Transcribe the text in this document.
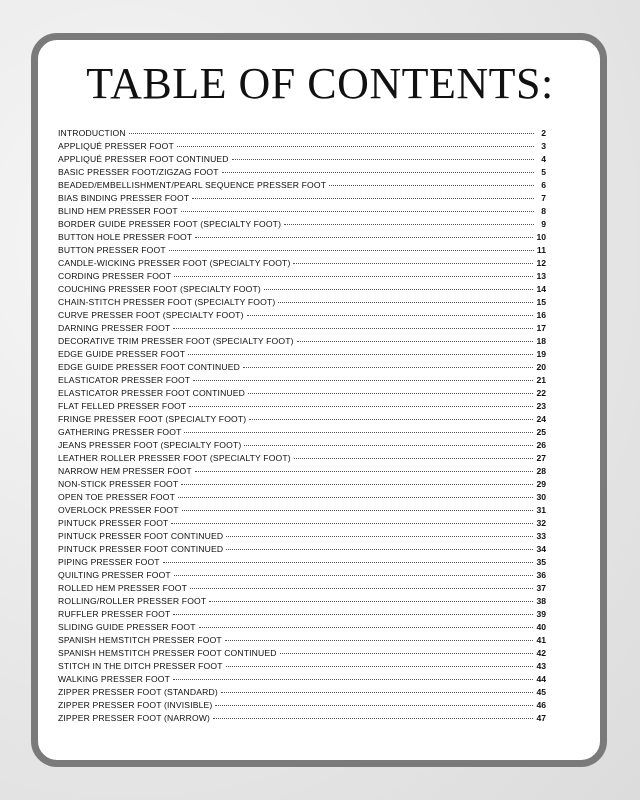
TABLE OF CONTENTS:
INTRODUCTION	2
APPLIQUÉ PRESSER FOOT	3
APPLIQUÉ PRESSER FOOT CONTINUED	4
BASIC PRESSER FOOT/ZIGZAG FOOT	5
BEADED/EMBELLISHMENT/PEARL SEQUENCE PRESSER FOOT	6
BIAS BINDING PRESSER FOOT	7
BLIND HEM PRESSER FOOT	8
BORDER GUIDE PRESSER FOOT (SPECIALTY FOOT)	9
BUTTON HOLE PRESSER FOOT	10
BUTTON PRESSER FOOT	11
CANDLE-WICKING PRESSER FOOT (SPECIALTY FOOT)	12
CORDING PRESSER FOOT	13
COUCHING PRESSER FOOT (SPECIALTY FOOT)	14
CHAIN-STITCH PRESSER FOOT (SPECIALTY FOOT)	15
CURVE PRESSER FOOT (SPECIALTY FOOT)	16
DARNING PRESSER FOOT	17
DECORATIVE TRIM PRESSER FOOT (SPECIALTY FOOT)	18
EDGE GUIDE PRESSER FOOT	19
EDGE GUIDE PRESSER FOOT CONTINUED	20
ELASTICATOR PRESSER FOOT	21
ELASTICATOR PRESSER FOOT CONTINUED	22
FLAT FELLED PRESSER FOOT	23
FRINGE PRESSER FOOT (SPECIALTY FOOT)	24
GATHERING PRESSER FOOT	25
JEANS PRESSER FOOT (SPECIALTY FOOT)	26
LEATHER ROLLER PRESSER FOOT (SPECIALTY FOOT)	27
NARROW HEM PRESSER FOOT	28
NON-STICK PRESSER FOOT	29
OPEN TOE PRESSER FOOT	30
OVERLOCK PRESSER FOOT	31
PINTUCK PRESSER FOOT	32
PINTUCK PRESSER FOOT CONTINUED	33
PINTUCK PRESSER FOOT CONTINUED	34
PIPING PRESSER FOOT	35
QUILTING PRESSER FOOT	36
ROLLED HEM PRESSER FOOT	37
ROLLING/ROLLER PRESSER FOOT	38
RUFFLER PRESSER FOOT	39
SLIDING GUIDE PRESSER FOOT	40
SPANISH HEMSTITCH PRESSER FOOT	41
SPANISH HEMSTITCH PRESSER FOOT CONTINUED	42
STITCH IN THE DITCH PRESSER FOOT	43
WALKING PRESSER FOOT	44
ZIPPER PRESSER FOOT (STANDARD)	45
ZIPPER PRESSER FOOT (INVISIBLE)	46
ZIPPER PRESSER FOOT (NARROW)	47
